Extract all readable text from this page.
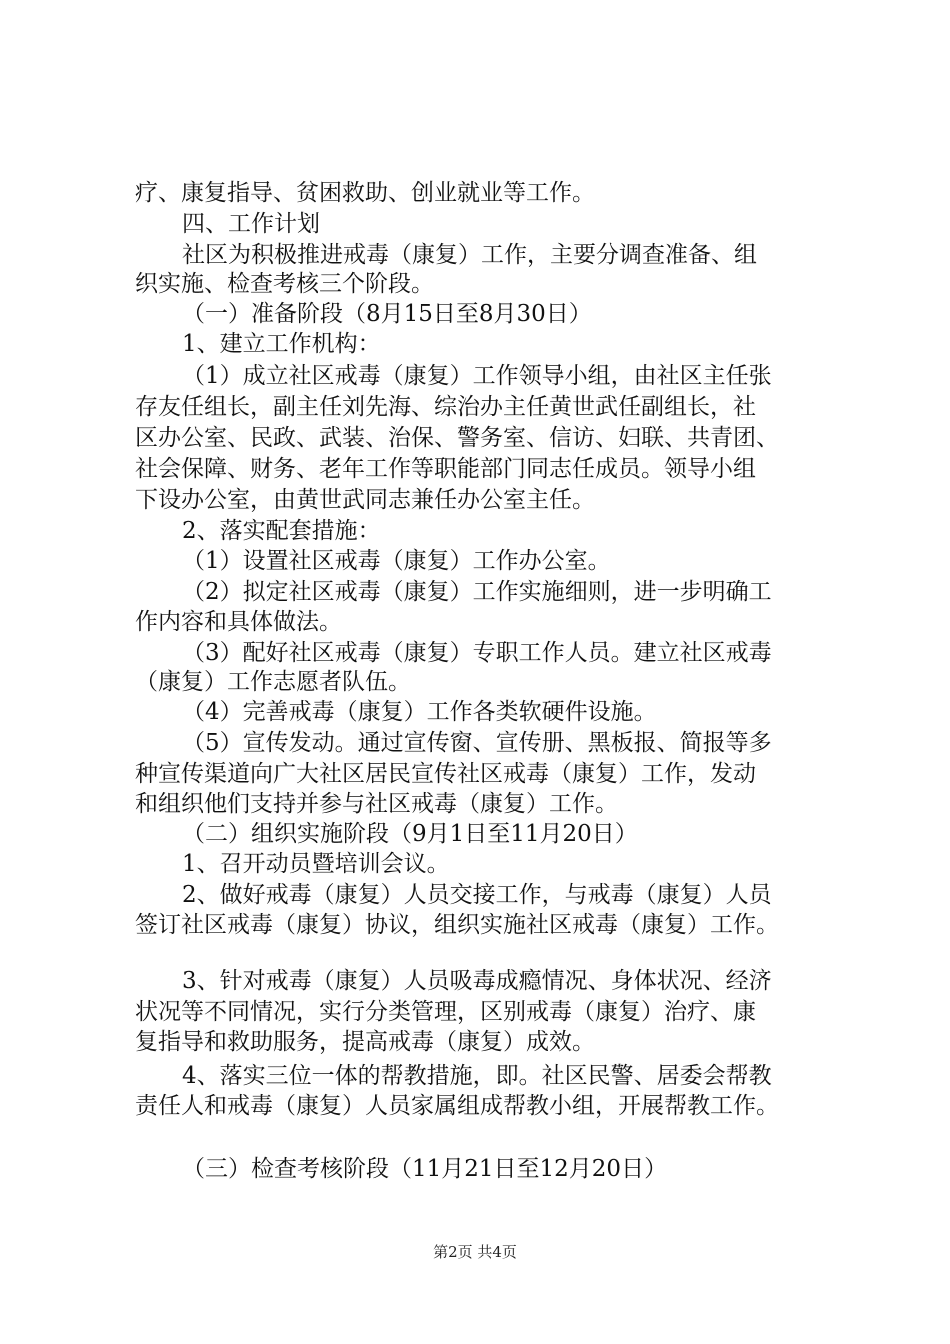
疗、康复指导、贫困救助、创业就业等工作。
四、工作计划
社区为积极推进戒毒（康复）工作，主要分调查准备、组
织实施、检查考核三个阶段。
（一）准备阶段（8月15日至8月30日）
1、建立工作机构：
（1）成立社区戒毒（康复）工作领导小组，由社区主任张
存友任组长，副主任刘先海、综治办主任黄世武任副组长，社
区办公室、民政、武装、治保、警务室、信访、妇联、共青团、
社会保障、财务、老年工作等职能部门同志任成员。领导小组
下设办公室，由黄世武同志兼任办公室主任。
2、落实配套措施：
（1）设置社区戒毒（康复）工作办公室。
（2）拟定社区戒毒（康复）工作实施细则，进一步明确工
作内容和具体做法。
（3）配好社区戒毒（康复）专职工作人员。建立社区戒毒
（康复）工作志愿者队伍。
（4）完善戒毒（康复）工作各类软硬件设施。
（5）宣传发动。通过宣传窗、宣传册、黑板报、简报等多
种宣传渠道向广大社区居民宣传社区戒毒（康复）工作，发动
和组织他们支持并参与社区戒毒（康复）工作。
（二）组织实施阶段（9月1日至11月20日）
1、召开动员暨培训会议。
2、做好戒毒（康复）人员交接工作，与戒毒（康复）人员
签订社区戒毒（康复）协议，组织实施社区戒毒（康复）工作。
3、针对戒毒（康复）人员吸毒成瘾情况、身体状况、经济
状况等不同情况，实行分类管理，区别戒毒（康复）治疗、康
复指导和救助服务，提高戒毒（康复）成效。
4、落实三位一体的帮教措施，即。社区民警、居委会帮教
责任人和戒毒（康复）人员家属组成帮教小组，开展帮教工作。
（三）检查考核阶段（11月21日至12月20日）
第2页 共4页
